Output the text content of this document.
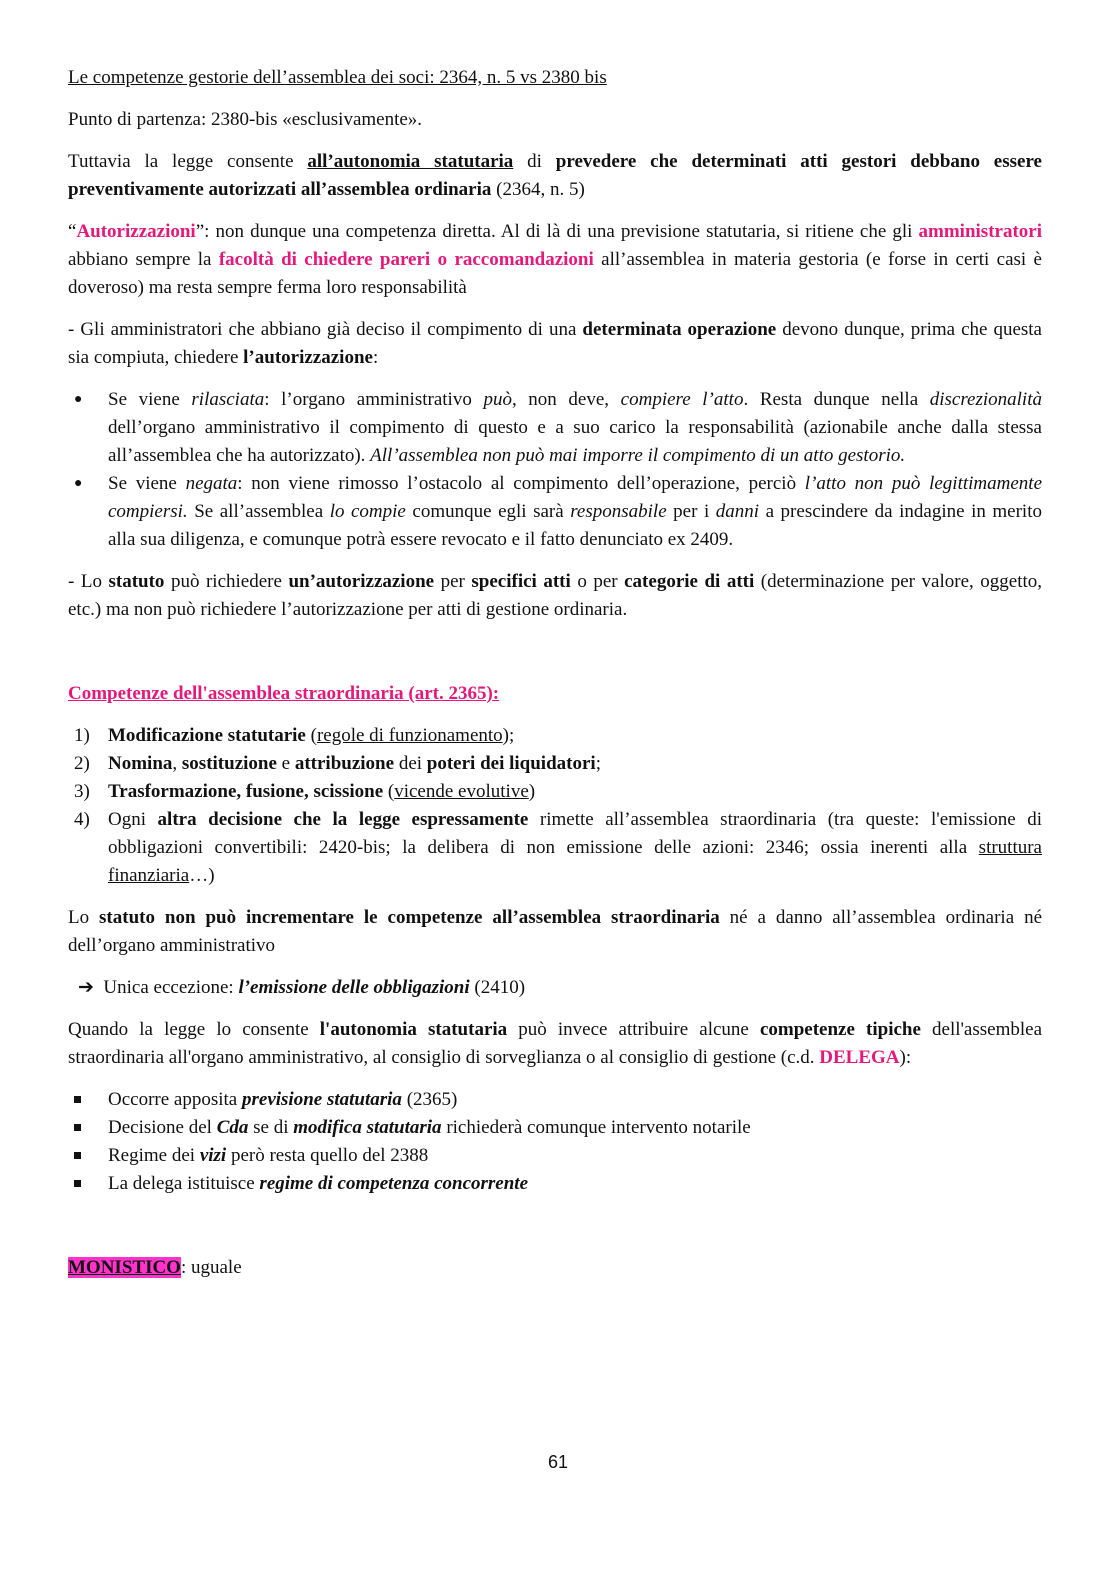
Le competenze gestorie dell’assemblea dei soci: 2364, n. 5 vs 2380 bis

Punto di partenza: 2380-bis «esclusivamente».

Tuttavia la legge consente all’autonomia statutaria di prevedere che determinati atti gestori debbano essere preventivamente autorizzati all’assemblea ordinaria (2364, n. 5)

“Autorizzazioni”: non dunque una competenza diretta. Al di là di una previsione statutaria, si ritiene che gli amministratori abbiano sempre la facoltà di chiedere pareri o raccomandazioni all’assemblea in materia gestoria (e forse in certi casi è doveroso) ma resta sempre ferma loro responsabilità

- Gli amministratori che abbiano già deciso il compimento di una determinata operazione devono dunque, prima che questa sia compiuta, chiedere l’autorizzazione:

● Se viene rilasciata: l’organo amministrativo può, non deve, compiere l’atto. Resta dunque nella discrezionalità dell’organo amministrativo il compimento di questo e a suo carico la responsabilità (azionabile anche dalla stessa all’assemblea che ha autorizzato). All’assemblea non può mai imporre il compimento di un atto gestorio.
● Se viene negata: non viene rimosso l’ostacolo al compimento dell’operazione, perciò l’atto non può legittimamente compiersi. Se all’assemblea lo compie comunque egli sarà responsabile per i danni a prescindere da indagine in merito alla sua diligenza, e comunque potrà essere revocato e il fatto denunciato ex 2409.

- Lo statuto può richiedere un’autorizzazione per specifici atti o per categorie di atti (determinazione per valore, oggetto, etc.) ma non può richiedere l’autorizzazione per atti di gestione ordinaria.

Competenze dell'assemblea straordinaria (art. 2365):

1) Modificazione statutarie (regole di funzionamento);
2) Nomina, sostituzione e attribuzione dei poteri dei liquidatori;
3) Trasformazione, fusione, scissione (vicende evolutive)
4) Ogni altra decisione che la legge espressamente rimette all’assemblea straordinaria (tra queste: l'emissione di obbligazioni convertibili: 2420-bis; la delibera di non emissione delle azioni: 2346; ossia inerenti alla struttura finanziaria…)

Lo statuto non può incrementare le competenze all’assemblea straordinaria né a danno all’assemblea ordinaria né dell’organo amministrativo

➔ Unica eccezione: l’emissione delle obbligazioni (2410)

Quando la legge lo consente l'autonomia statutaria può invece attribuire alcune competenze tipiche dell'assemblea straordinaria all'organo amministrativo, al consiglio di sorveglianza o al consiglio di gestione (c.d. DELEGA):

Occorre apposita previsione statutaria (2365)
Decisione del Cda se di modifica statutaria richiederà comunque intervento notarile
Regime dei vizi però resta quello del 2388
La delega istituisce regime di competenza concorrente

MONISTICO: uguale

61
